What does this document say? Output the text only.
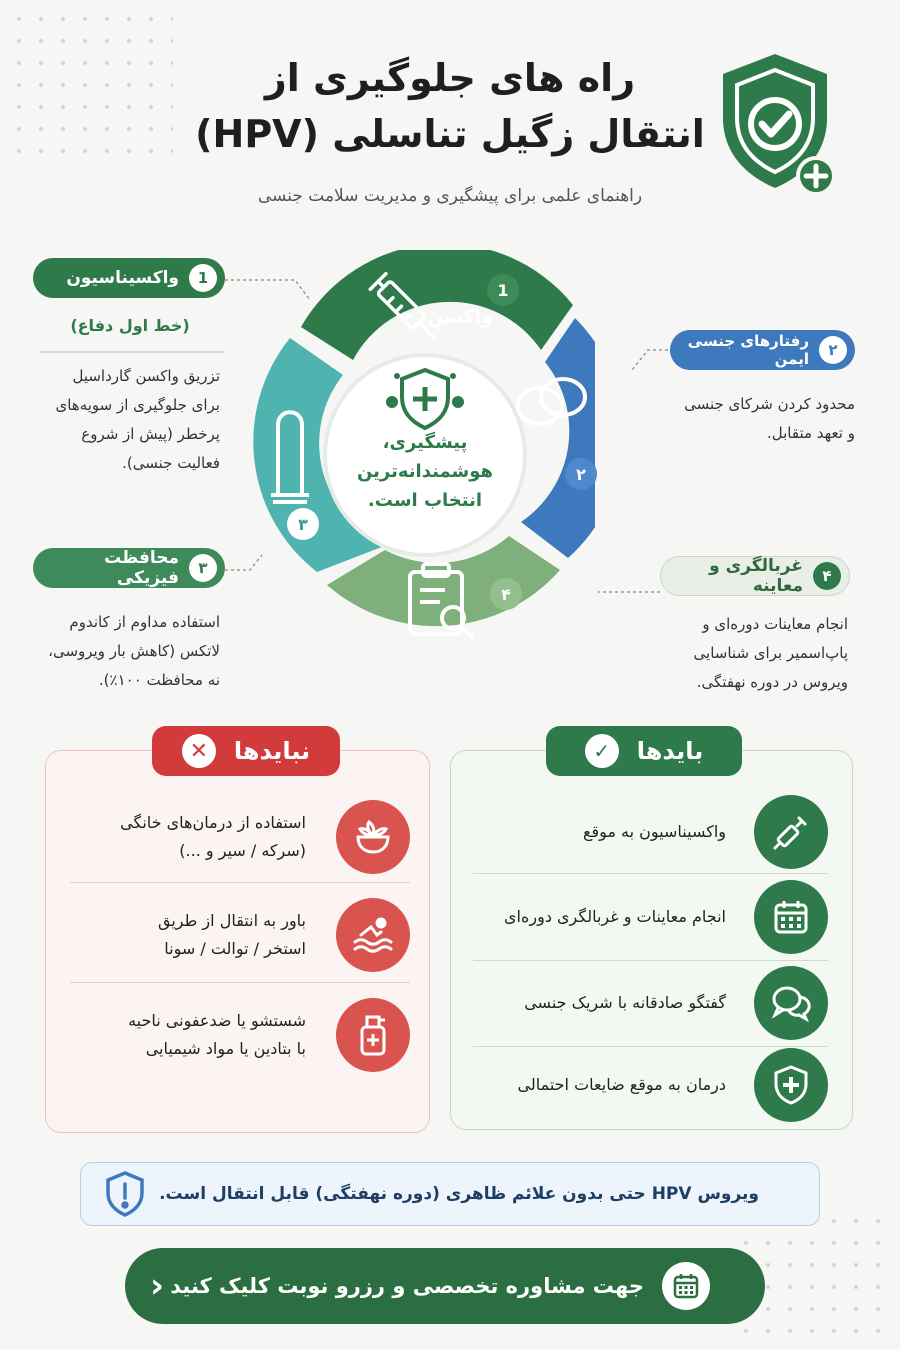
راه های جلوگیری از
انتقال زگیل تناسلی (HPV)
راهنمای علمی برای پیشگیری و مدیریت سلامت جنسی
1
واکسن
۲
۳
۴
پیشگیری،
هوشمندانه‌ترین
انتخاب است.
1
واکسیناسیون
(خط اول دفاع)
تزریق واکسن گارداسیل
برای جلوگیری از سویه‌های
پرخطر (پیش از شروع
فعالیت جنسی).
۲
رفتارهای جنسی ایمن
محدود کردن شرکای جنسی
و تعهد متقابل.
۳
محافظت فیزیکی
استفاده مداوم از کاندوم
لاتکس (کاهش بار ویروسی،
نه محافظت ۱۰۰٪).
۴
غربالگری و معاینه
انجام معاینات دوره‌ای و
پاپ‌اسمیر برای شناسایی
ویروس در دوره نهفتگی.
نبایدها
✕
استفاده از درمان‌های خانگی
(سرکه / سیر و ...)
باور به انتقال از طریق
استخر / توالت / سونا
شستشو یا ضدعفونی ناحیه
با بتادین یا مواد شیمیایی
بایدها
✓
واکسیناسیون به موقع
انجام معاینات و غربالگری دوره‌ای
گفتگو صادقانه با شریک جنسی
درمان به موقع ضایعات احتمالی
ویروس HPV حتی بدون علائم ظاهری (دوره نهفتگی) قابل انتقال است.
جهت مشاوره تخصصی و رزرو نوبت کلیک کنید
‹
